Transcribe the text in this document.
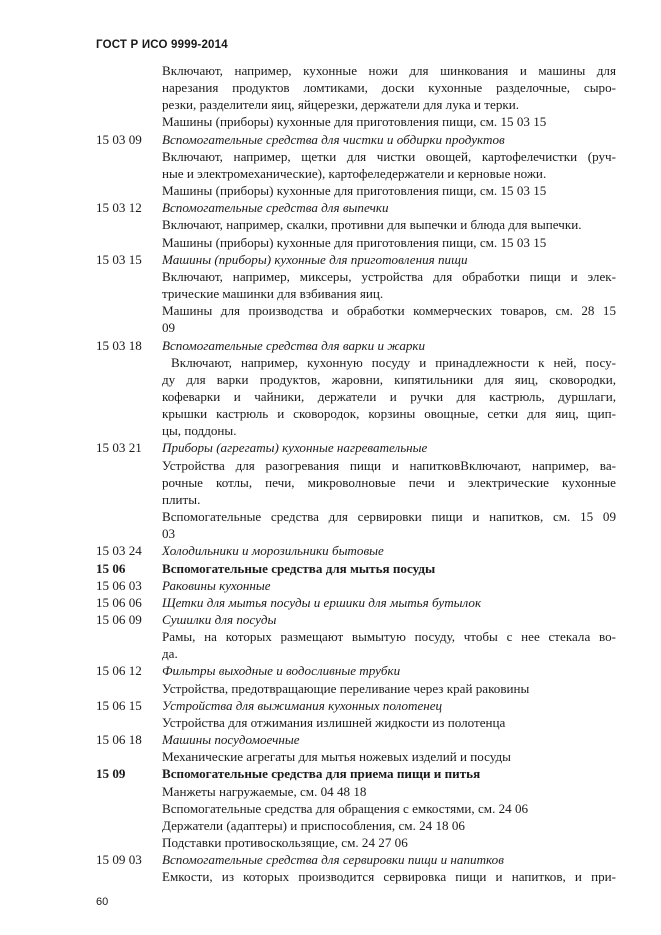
ГОСТ Р ИСО 9999-2014
Включают, например, кухонные ножи для шинкования и машины для
нарезания продуктов ломтиками, доски кухонные разделочные, сыро-
резки, разделители яиц, яйцерезки, держатели для лука и терки.
Машины (приборы) кухонные для приготовления пищи, см. 15 03 15
15 03 09	Вспомогательные средства для чистки и обдирки продуктов
Включают, например, щетки для чистки овощей, картофелечистки (руч-
ные и электромеханические), картофеледержатели и керновые ножи.
Машины (приборы) кухонные для приготовления пищи, см. 15 03 15
15 03 12	Вспомогательные средства для выпечки
Включают, например, скалки, противни для выпечки и блюда для выпечки.
Машины (приборы) кухонные для приготовления пищи, см. 15 03 15
15 03 15	Машины (приборы) кухонные для приготовления пищи
Включают, например, миксеры, устройства для обработки пищи и элек-
трические машинки для взбивания яиц.
Машины для производства и обработки коммерческих товаров, см. 28 15
09
15 03 18	Вспомогательные средства для варки и жарки
Включают, например, кухонную посуду и принадлежности к ней, посу-
ду для варки продуктов, жаровни, кипятильники для яиц, сковородки,
кофеварки и чайники, держатели и ручки для кастрюль, дуршлаги,
крышки кастрюль и сковородок, корзины овощные, сетки для яиц, щип-
цы, поддоны.
15 03 21	Приборы (агрегаты) кухонные нагревательные
Устройства для разогревания пищи и напитковВключают, например, ва-
рочные котлы, печи, микроволновые печи и электрические кухонные
плиты.
Вспомогательные средства для сервировки пищи и напитков, см. 15 09
03
15 03 24	Холодильники и морозильники бытовые
15 06	Вспомогательные средства для мытья посуды
15 06 03	Раковины кухонные
15 06 06	Щетки для мытья посуды и ершики для мытья бутылок
15 06 09	Сушилки для посуды
Рамы, на которых размещают вымытую посуду, чтобы с нее стекала во-
да.
15 06 12	Фильтры выходные и водосливные трубки
Устройства, предотвращающие переливание через край раковины
15 06 15	Устройства для выжимания кухонных полотенец
Устройства для отжимания излишней жидкости из полотенца
15 06 18	Машины посудомоечные
Механические агрегаты для мытья ножевых изделий и посуды
15 09	Вспомогательные средства для приема пищи и питья
Манжеты нагружаемые, см. 04 48 18
Вспомогательные средства для обращения с емкостями, см. 24 06
Держатели (адаптеры) и приспособления, см. 24 18 06
Подставки противоскользящие, см. 24 27 06
15 09 03	Вспомогательные средства для сервировки пищи и напитков
Емкости, из которых производится сервировка пищи и напитков, и при-
60
